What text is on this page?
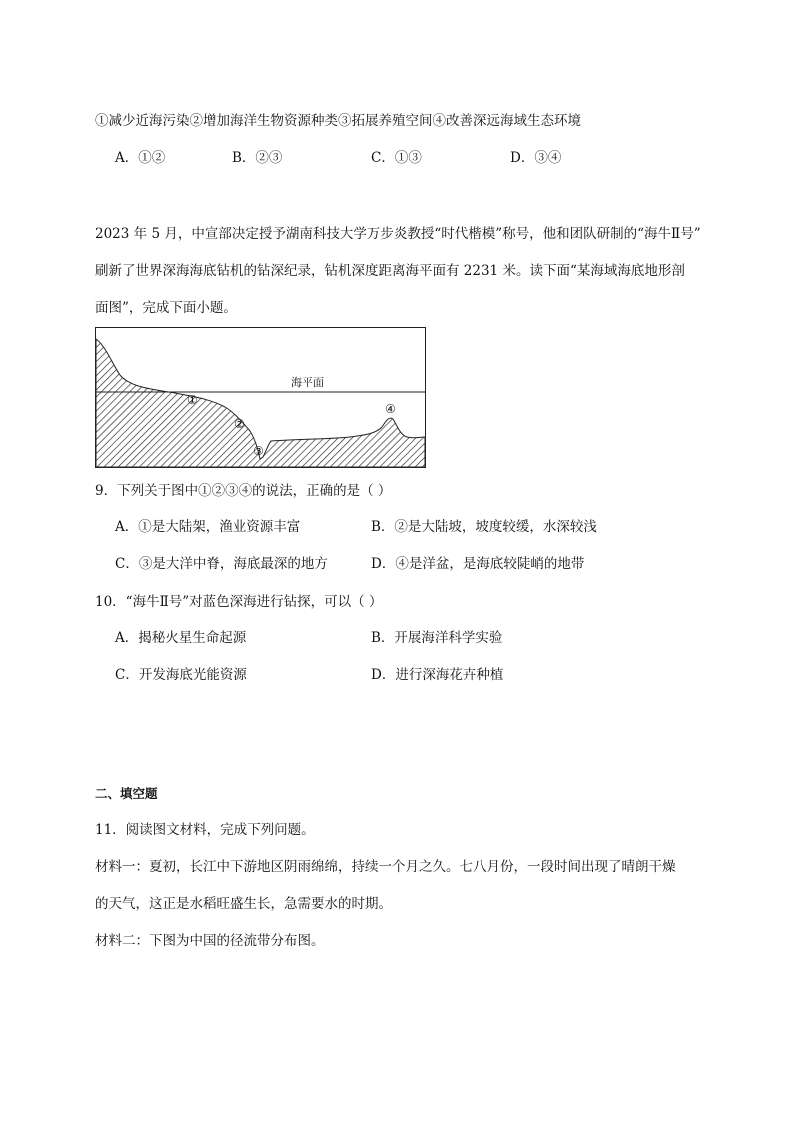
①减少近海污染②增加海洋生物资源种类③拓展养殖空间④改善深远海域生态环境
A．①②	B．②③	C．①③	D．③④
2023 年 5 月，中宣部决定授予湖南科技大学万步炎教授“时代楷模”称号，他和团队研制的“海牛Ⅱ号”
刷新了世界深海海底钻机的钻深纪录，钻机深度距离海平面有 2231 米。读下面“某海域海底地形剖
面图”，完成下面小题。
海平面
①
②
③
④
9．下列关于图中①②③④的说法，正确的是（ ）
A．①是大陆架，渔业资源丰富	B．②是大陆坡，坡度较缓，水深较浅
C．③是大洋中脊，海底最深的地方	D．④是洋盆，是海底较陡峭的地带
10．“海牛Ⅱ号”对蓝色深海进行钻探，可以（ ）
A．揭秘火星生命起源	B．开展海洋科学实验
C．开发海底光能资源	D．进行深海花卉种植
二、填空题
11．阅读图文材料，完成下列问题。
材料一：夏初，长江中下游地区阴雨绵绵，持续一个月之久。七八月份，一段时间出现了晴朗干燥
的天气，这正是水稻旺盛生长，急需要水的时期。
材料二：下图为中国的径流带分布图。
